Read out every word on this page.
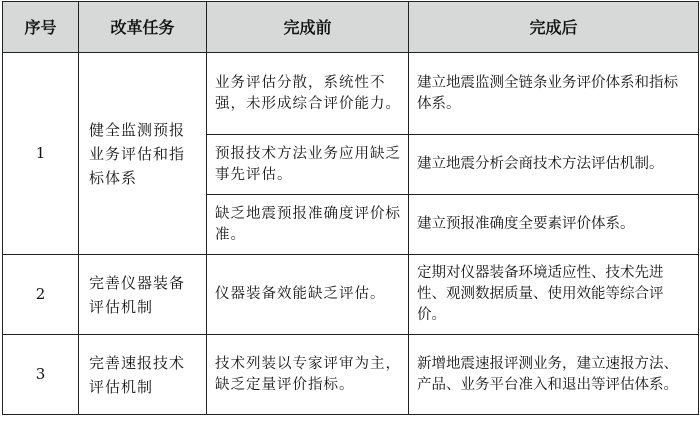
序号	改革任务	完成前	完成后
1	健全监测预报业务评估和指标体系	业务评估分散，系统性不强，未形成综合评价能力。	建立地震监测全链条业务评价体系和指标体系。
		预报技术方法业务应用缺乏事先评估。	建立地震分析会商技术方法评估机制。
		缺乏地震预报准确度评价标准。	建立预报准确度全要素评价体系。
2	完善仪器装备评估机制	仪器装备效能缺乏评估。	定期对仪器装备环境适应性、技术先进性、观测数据质量、使用效能等综合评价。
3	完善速报技术评估机制	技术列装以专家评审为主，缺乏定量评价指标。	新增地震速报评测业务，建立速报方法、产品、业务平台准入和退出等评估体系。
